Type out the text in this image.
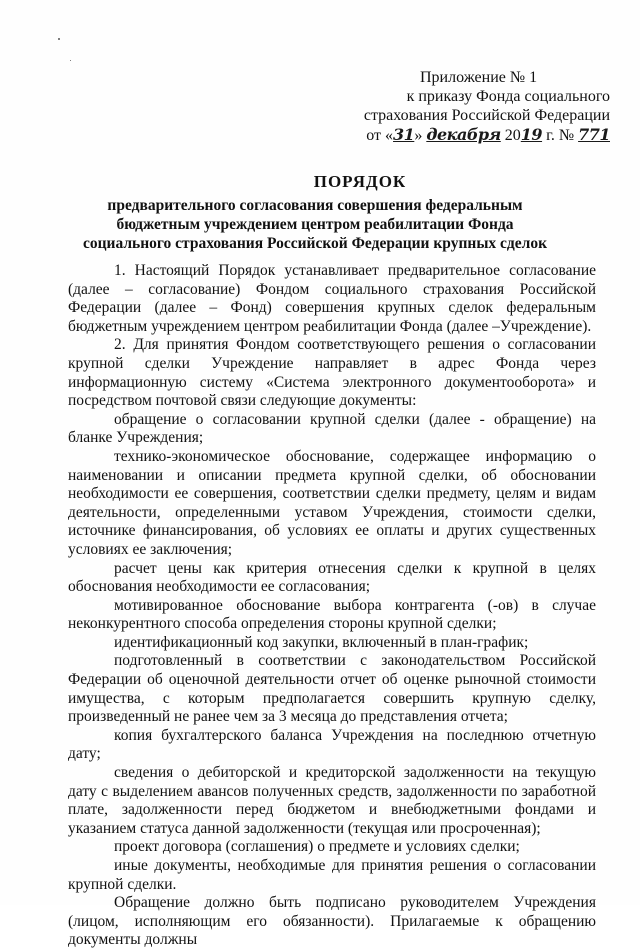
Приложение № 1
к приказу Фонда социального
страхования Российской Федерации
от «31» декабря 2019 г. № 771
ПОРЯДОК
предварительного согласования совершения федеральным бюджетным учреждением центром реабилитации Фонда социального страхования Российской Федерации крупных сделок

1. Настоящий Порядок устанавливает предварительное согласование (далее – согласование) Фондом социального страхования Российской Федерации (далее – Фонд) совершения крупных сделок федеральным бюджетным учреждением центром реабилитации Фонда (далее –Учреждение).

2. Для принятия Фондом соответствующего решения о согласовании крупной сделки Учреждение направляет в адрес Фонда через информационную систему «Система электронного документооборота» и посредством почтовой связи следующие документы:

обращение о согласовании крупной сделки (далее - обращение) на бланке Учреждения;

технико-экономическое обоснование, содержащее информацию о наименовании и описании предмета крупной сделки, об обосновании необходимости ее совершения, соответствии сделки предмету, целям и видам деятельности, определенными уставом Учреждения, стоимости сделки, источнике финансирования, об условиях ее оплаты и других существенных условиях ее заключения;

расчет цены как критерия отнесения сделки к крупной в целях обоснования необходимости ее согласования;

мотивированное обоснование выбора контрагента (-ов) в случае неконкурентного способа определения стороны крупной сделки;

идентификационный код закупки, включенный в план-график;

подготовленный в соответствии с законодательством Российской Федерации об оценочной деятельности отчет об оценке рыночной стоимости имущества, с которым предполагается совершить крупную сделку, произведенный не ранее чем за 3 месяца до представления отчета;

копия бухгалтерского баланса Учреждения на последнюю отчетную дату;

сведения о дебиторской и кредиторской задолженности на текущую дату с выделением авансов полученных средств, задолженности по заработной плате, задолженности перед бюджетом и внебюджетными фондами и указанием статуса данной задолженности (текущая или просроченная);

проект договора (соглашения) о предмете и условиях сделки;

иные документы, необходимые для принятия решения о согласовании крупной сделки.

Обращение должно быть подписано руководителем Учреждения (лицом, исполняющим его обязанности). Прилагаемые к обращению документы должны
